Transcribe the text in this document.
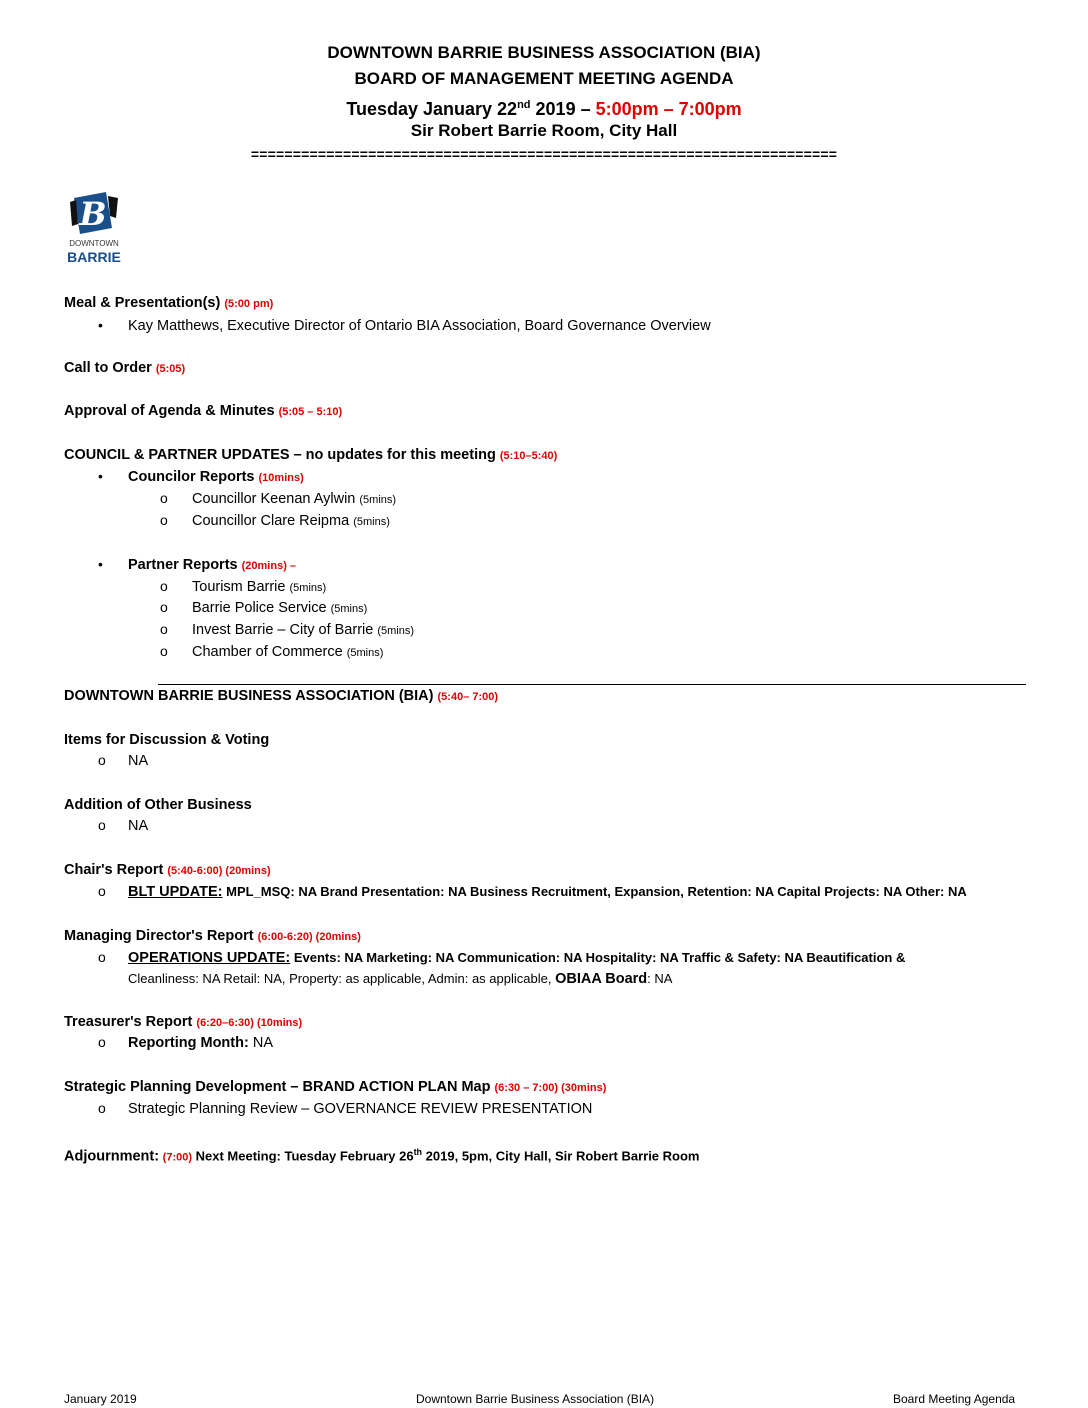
DOWNTOWN BARRIE BUSINESS ASSOCIATION (BIA)
BOARD OF MANAGEMENT MEETING AGENDA
Tuesday January 22nd 2019 – 5:00pm – 7:00pm
Sir Robert Barrie Room, City Hall
======================================================================
B
DOWNTOWN
BARRIE
Meal & Presentation(s) (5:00 pm)
• Kay Matthews, Executive Director of Ontario BIA Association, Board Governance Overview
Call to Order (5:05)
Approval of Agenda & Minutes (5:05 – 5:10)
COUNCIL & PARTNER UPDATES – no updates for this meeting (5:10–5:40)
• Councilor Reports (10mins)
o Councillor Keenan Aylwin (5mins)
o Councillor Clare Reipma (5mins)
• Partner Reports (20mins) –
o Tourism Barrie (5mins)
o Barrie Police Service (5mins)
o Invest Barrie – City of Barrie (5mins)
o Chamber of Commerce (5mins)
DOWNTOWN BARRIE BUSINESS ASSOCIATION (BIA) (5:40– 7:00)
Items for Discussion & Voting
o NA
Addition of Other Business
o NA
Chair's Report (5:40-6:00) (20mins)
o BLT UPDATE: MPL_MSQ: NA Brand Presentation: NA Business Recruitment, Expansion, Retention: NA Capital Projects: NA Other: NA
Managing Director's Report (6:00-6:20) (20mins)
o OPERATIONS UPDATE: Events: NA Marketing: NA Communication: NA Hospitality: NA Traffic & Safety: NA Beautification &
Cleanliness: NA Retail: NA, Property: as applicable, Admin: as applicable, OBIAA Board: NA
Treasurer's Report (6:20–6:30) (10mins)
o Reporting Month: NA
Strategic Planning Development – BRAND ACTION PLAN Map (6:30 – 7:00) (30mins)
o Strategic Planning Review – GOVERNANCE REVIEW PRESENTATION
Adjournment: (7:00) Next Meeting: Tuesday February 26th 2019, 5pm, City Hall, Sir Robert Barrie Room
January 2019	Downtown Barrie Business Association (BIA)	Board Meeting Agenda
